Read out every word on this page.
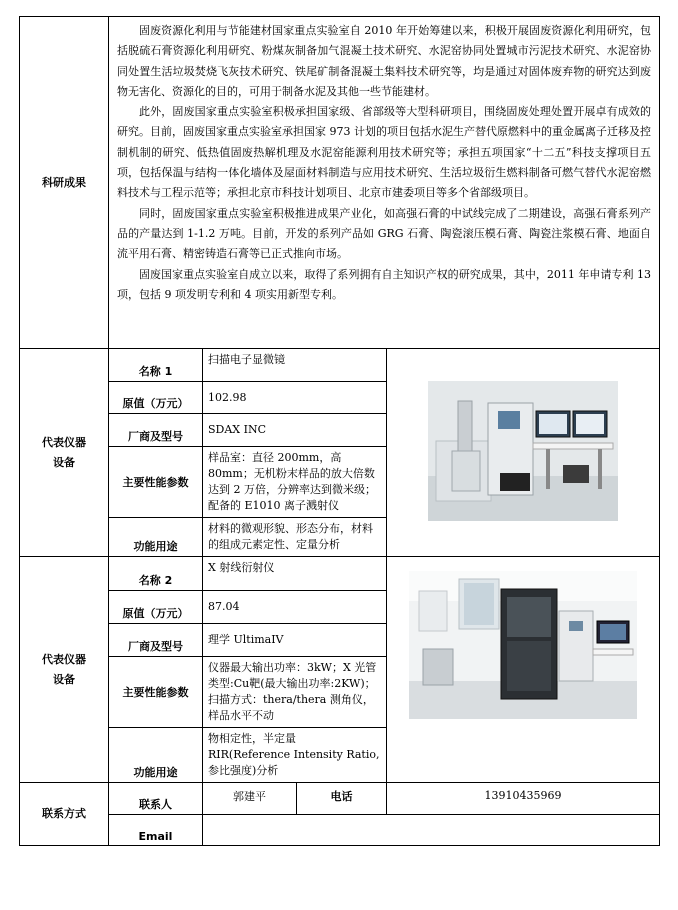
科研成果	固废资源化利用与节能建材国家重点实验室自 2010 年开始筹建以来，积极开展固废资源化利用研究，包括脱硫石膏资源化利用研究、粉煤灰制备加气混凝土技术研究、水泥窑协同处置城市污泥技术研究、水泥窑协同处置生活垃圾焚烧飞灰技术研究、铁尾矿制备混凝土集料技术研究等，均是通过对固体废弃物的研究达到废物无害化、资源化的目的，可用于制备水泥及其他一些节能建材。

此外，固废国家重点实验室积极承担国家级、省部级等大型科研项目，围绕固废处理处置开展卓有成效的研究。目前，固废国家重点实验室承担国家 973 计划的项目包括水泥生产替代原燃料中的重金属离子迁移及控制机制的研究、低热值固废热解机理及水泥窑能源利用技术研究等；承担五项国家“十二五”科技支撑项目五项，包括保温与结构一体化墙体及屋面材料制造与应用技术研究、生活垃圾衍生燃料制备可燃气替代水泥窑燃料技术与工程示范等；承担北京市科技计划项目、北京市建委项目等多个省部级项目。

同时，固废国家重点实验室积极推进成果产业化，如高强石膏的中试线完成了二期建设，高强石膏系列产品的产量达到 1-1.2 万吨。目前，开发的系列产品如 GRG 石膏、陶瓷滚压模石膏、陶瓷注浆模石膏、地面自流平用石膏、精密铸造石膏等已正式推向市场。

固废国家重点实验室自成立以来，取得了系列拥有自主知识产权的研究成果，其中，2011 年申请专利 13 项，包括 9 项发明专利和 4 项实用新型专利。			

代表仪器设备	名称 1	扫描电子显微镜	
	原值（万元）	102.98		
	厂商及型号	SDAX INC		
	主要性能参数	样品室：直径 200mm，高 80mm；无机粉末样品的放大倍数达到 2 万倍，分辨率达到微米级；配备的 E1010 离子溅射仪		
	功能用途	材料的微观形貌、形态分布，材料的组成元素定性、定量分析		
代表仪器设备	名称 2	X 射线衍射仪	
	原值（万元）	87.04		
	厂商及型号	理学 UltimaIV		
	主要性能参数	仪器最大输出功率：3kW；X 光管类型:Cu靶(最大输出功率:2KW)；扫描方式：thera/thera 测角仪，样品水平不动		
	功能用途	物相定性，半定量 RIR(Reference Intensity Ratio,参比强度)分析		
联系方式	联系人	郭建平	电话	13910435969
	Email			
